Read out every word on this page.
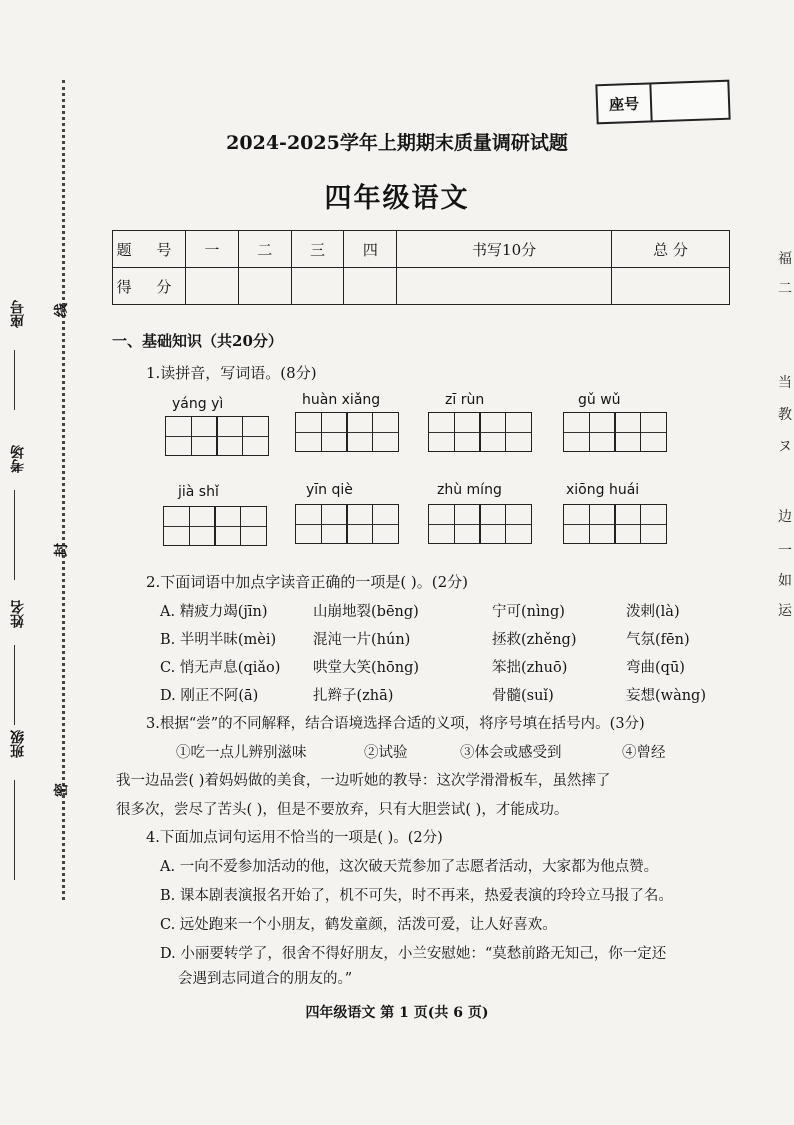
座号
考场
姓名
班级
线
封
密
座号
2024-2025学年上期期末质量调研试题
四年级语文
题 号	一	二	三	四	书写10分	总 分
得 分						
一、基础知识（共20分）
1.读拼音，写词语。(8分)
yáng yì	huàn xiǎng	zī rùn	gǔ wǔ
jià shǐ	yīn qiè	zhù míng	xiōng huái
2.下面词语中加点字读音正确的一项是( )。(2分)
A. 精疲力竭(jīn)	山崩地裂(bēng)	宁可(nìng)	泼剌(là)
B. 半明半昧(mèi)	混沌一片(hún)	拯救(zhěng)	气氛(fēn)
C. 悄无声息(qiǎo) 哄堂大笑(hōng)	笨拙(zhuō)	弯曲(qū)
D. 刚正不阿(ā)	扎辫子(zhā)	骨髓(suǐ)	妄想(wàng)
3.根据“尝”的不同解释，结合语境选择合适的义项，将序号填在括号内。(3分)
①吃一点儿辨别滋味	②试验	③体会或感受到	④曾经
我一边品尝( )着妈妈做的美食，一边听她的教导：这次学滑滑板车，虽然摔了
很多次，尝尽了苦头( )，但是不要放弃，只有大胆尝试( )，才能成功。
4.下面加点词句运用不恰当的一项是( )。(2分)
A. 一向不爱参加活动的他，这次破天荒参加了志愿者活动，大家都为他点赞。
B. 课本剧表演报名开始了，机不可失，时不再来，热爱表演的玲玲立马报了名。
C. 远处跑来一个小朋友，鹤发童颜，活泼可爱，让人好喜欢。
D. 小丽要转学了，很舍不得好朋友，小兰安慰她：“莫愁前路无知己，你一定还
会遇到志同道合的朋友的。”
四年级语文 第 1 页(共 6 页)
福
二
当
教
ヌ
边
一
如
运
